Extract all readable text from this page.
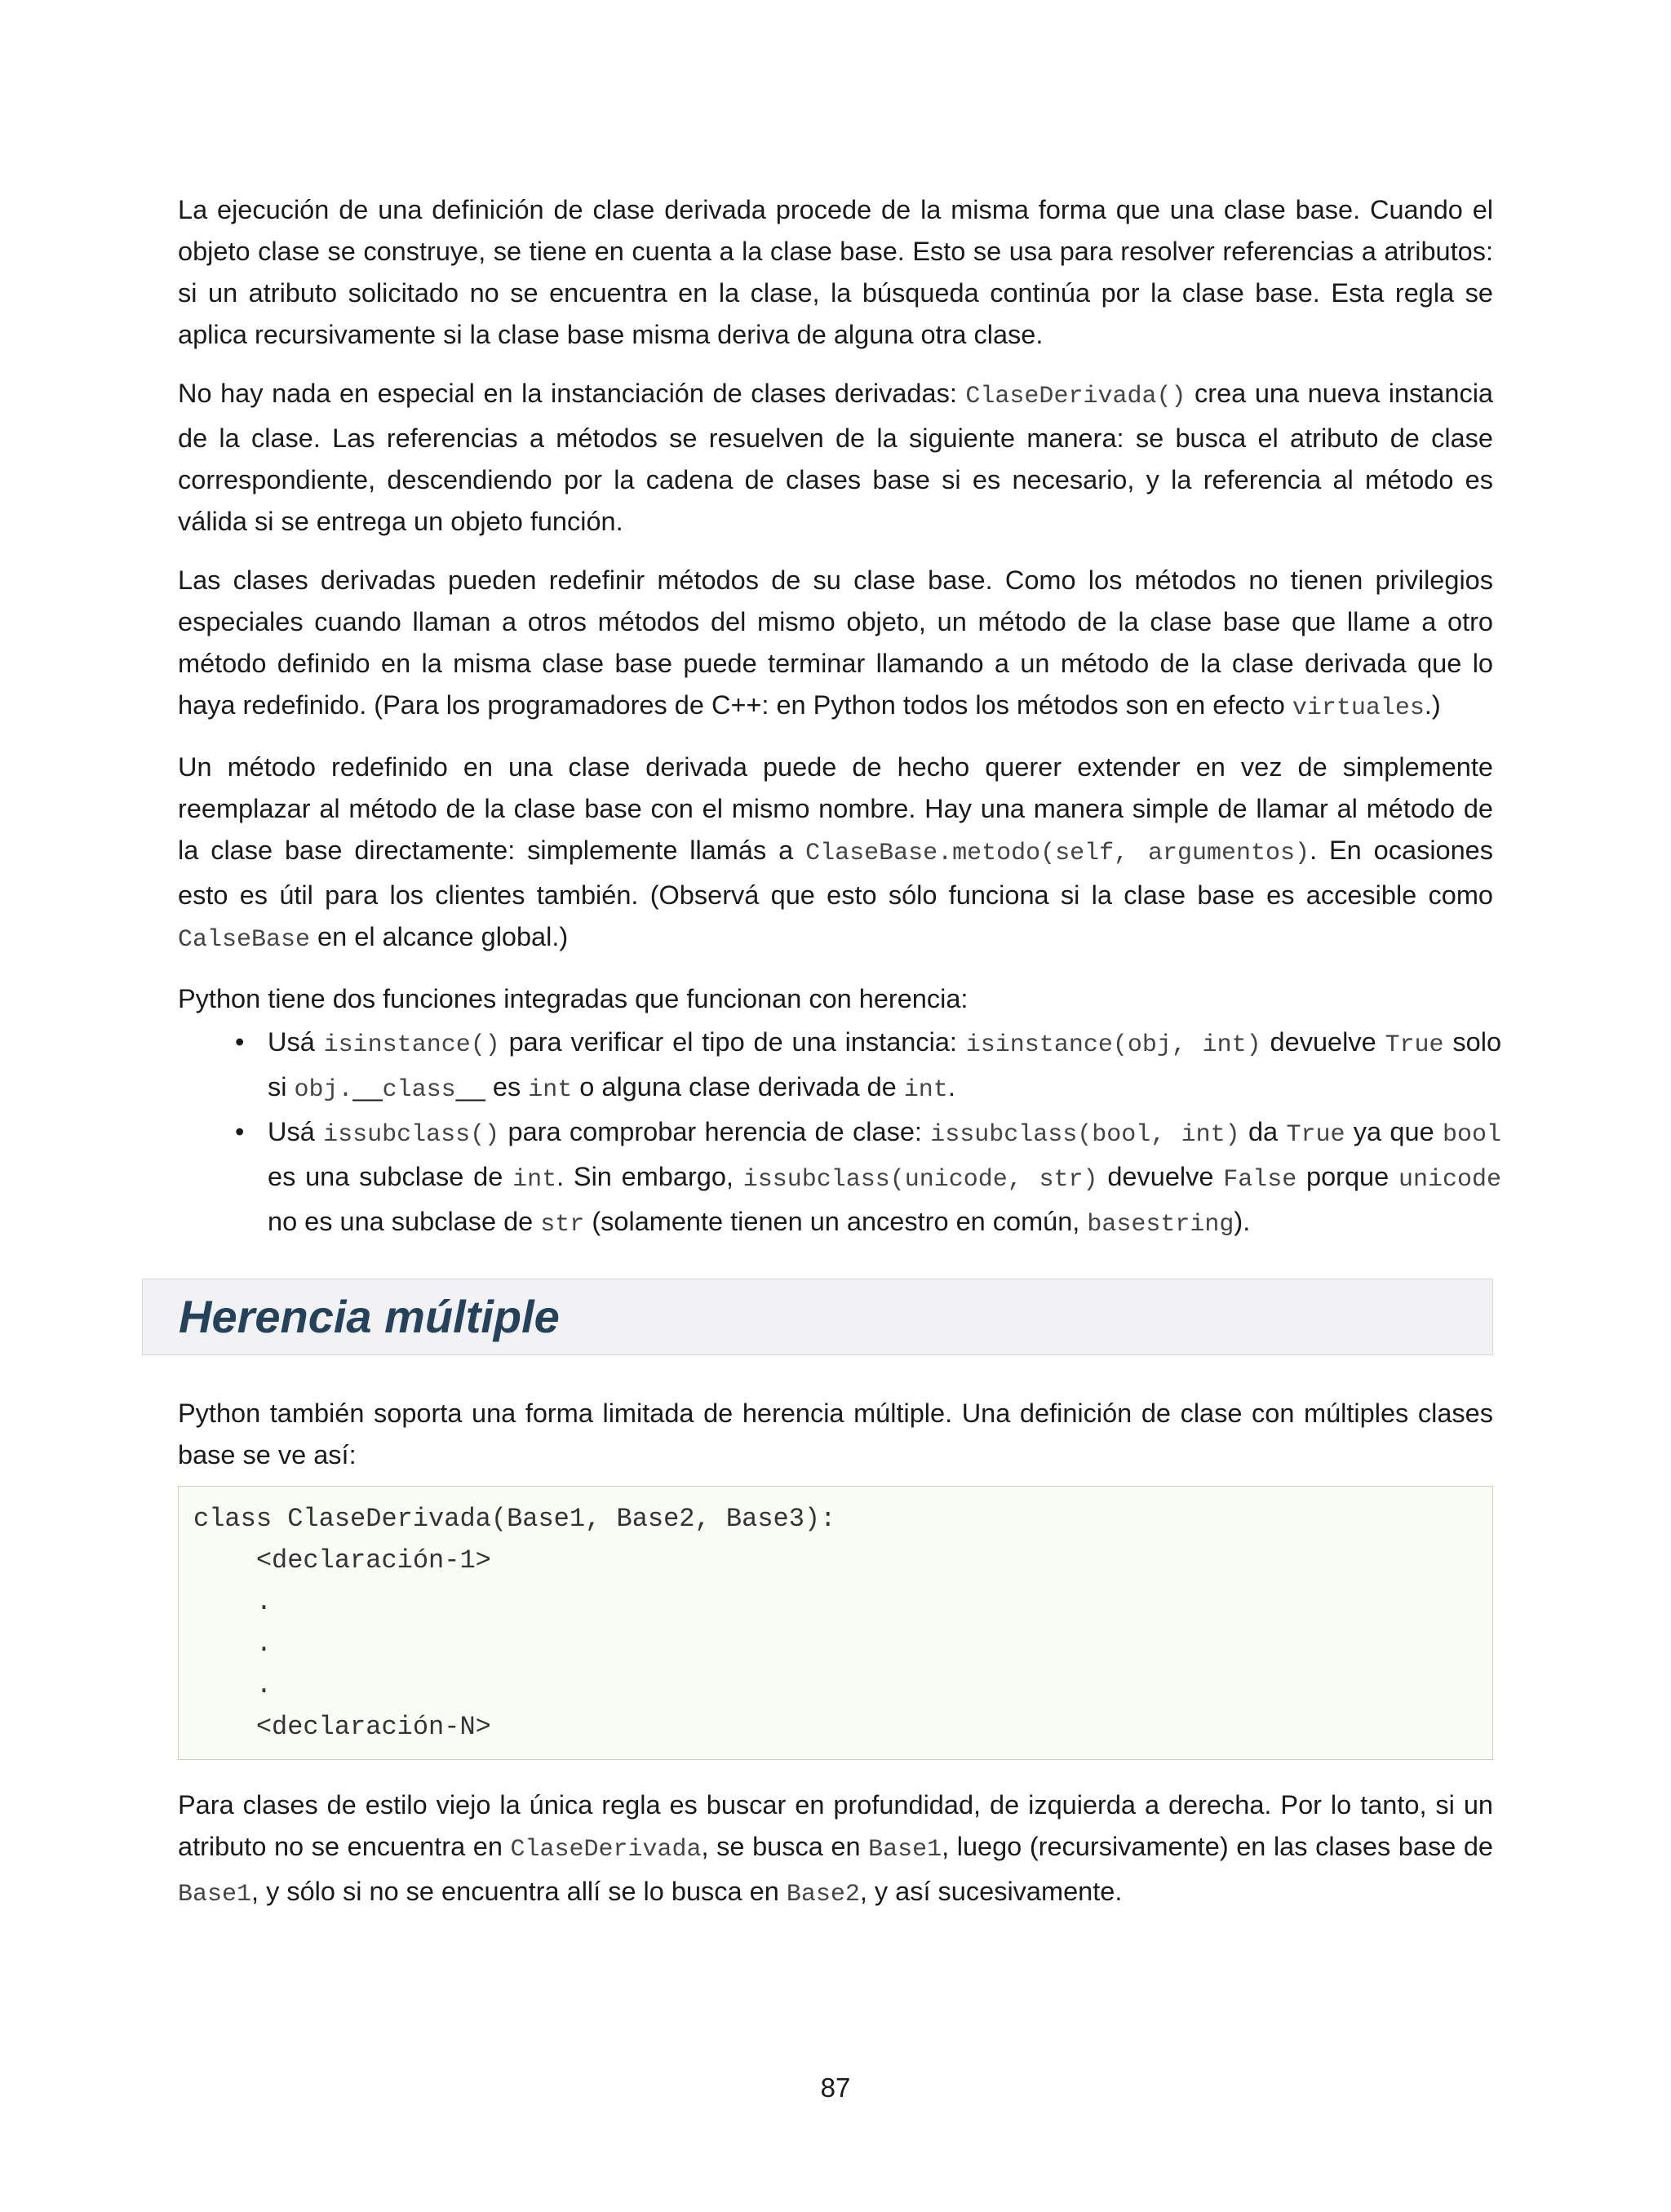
La ejecución de una definición de clase derivada procede de la misma forma que una clase base. Cuando el objeto clase se construye, se tiene en cuenta a la clase base. Esto se usa para resolver referencias a atributos: si un atributo solicitado no se encuentra en la clase, la búsqueda continúa por la clase base. Esta regla se aplica recursivamente si la clase base misma deriva de alguna otra clase.

No hay nada en especial en la instanciación de clases derivadas: ClaseDerivada() crea una nueva instancia de la clase. Las referencias a métodos se resuelven de la siguiente manera: se busca el atributo de clase correspondiente, descendiendo por la cadena de clases base si es necesario, y la referencia al método es válida si se entrega un objeto función.

Las clases derivadas pueden redefinir métodos de su clase base. Como los métodos no tienen privilegios especiales cuando llaman a otros métodos del mismo objeto, un método de la clase base que llame a otro método definido en la misma clase base puede terminar llamando a un método de la clase derivada que lo haya redefinido. (Para los programadores de C++: en Python todos los métodos son en efecto virtuales.)

Un método redefinido en una clase derivada puede de hecho querer extender en vez de simplemente reemplazar al método de la clase base con el mismo nombre. Hay una manera simple de llamar al método de la clase base directamente: simplemente llamás a ClaseBase.metodo(self, argumentos). En ocasiones esto es útil para los clientes también. (Observá que esto sólo funciona si la clase base es accesible como CalseBase en el alcance global.)

Python tiene dos funciones integradas que funcionan con herencia:

• Usá isinstance() para verificar el tipo de una instancia: isinstance(obj, int) devuelve True solo si obj.__class__ es int o alguna clase derivada de int.
• Usá issubclass() para comprobar herencia de clase: issubclass(bool, int) da True ya que bool es una subclase de int. Sin embargo, issubclass(unicode, str) devuelve False porque unicode no es una subclase de str (solamente tienen un ancestro en común, basestring).
Herencia múltiple

Python también soporta una forma limitada de herencia múltiple. Una definición de clase con múltiples clases base se ve así:

class ClaseDerivada(Base1, Base2, Base3):
<declaración-1>
.
.
.
<declaración-N>

Para clases de estilo viejo la única regla es buscar en profundidad, de izquierda a derecha. Por lo tanto, si un atributo no se encuentra en ClaseDerivada, se busca en Base1, luego (recursivamente) en las clases base de Base1, y sólo si no se encuentra allí se lo busca en Base2, y así sucesivamente.

87
